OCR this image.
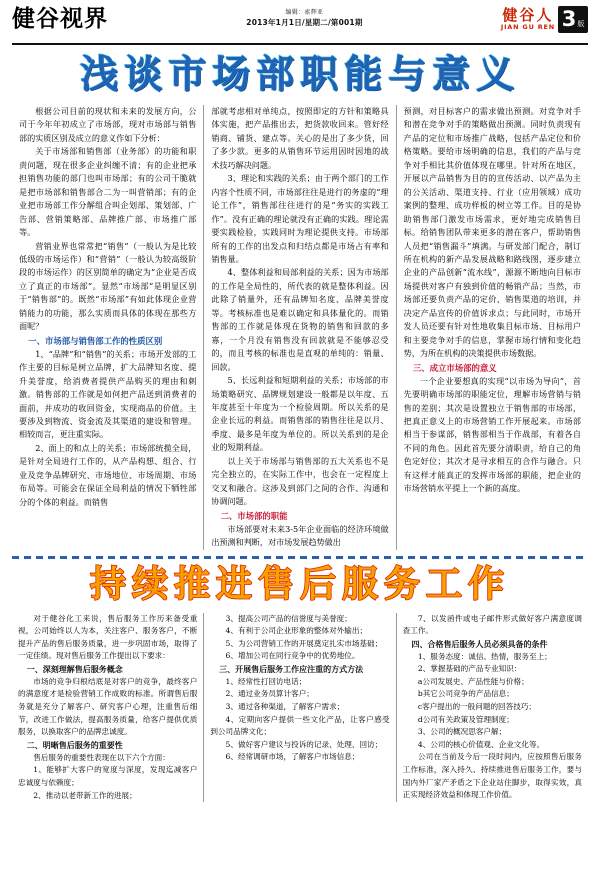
健谷视界	编辑：索辉亚
2013年1月1日/星期二/第001期	健谷人
JIAN GU REN 3 版
浅谈市场部职能与意义

根据公司目前的现状和未来的发展方向，公司于今年年初成立了市场部，现对市场部与销售部的实质区别及成立的意义作如下分析：

关于市场部和销售部（业务部）的功能和职责问题，现在很多企业纠缠不清；有的企业把承担销售功能的部门也叫市场部；有的公司干脆就是把市场部和销售部合二为一叫营销部；有的企业把市场部工作分解组合叫企划部、策划部、广告部、营销策略部、品牌推广部、市场推广部等。

营销业界也常常把“销售”（一般认为是比较低级的市场运作）和“营销”（一般认为较高级阶段的市场运作）的区别简单的确定为“企业是否成立了真正的市场部”。显然“市场部”是明显区别于“销售部”的。既然“市场部”有如此体现企业营销能力的功能，那么实质而具体的体现在那些方面呢？

一、市场部与销售部工作的性质区别

1、“品牌”和“销售”的关系；市场开发部的工作主要的目标是树立品牌，扩大品牌知名度、提升美誉度，给消费者提供产品购买的理由和刺激。销售部的工作就是如何把产品送到消费者的面前，并成功的收回资金，实现商品的价值。主要涉及到物流、资金流及其渠道的建设和管理。相较而言，更注重实际。

2、面上的和点上的关系；市场部统揽全局，是针对全局进行工作的，从产品构想、组合、行业及竞争品牌研究、市场地位、市场周期、市场布局等。可能会在保证全局利益的情况下牺牲部分的个体的利益。而销售

部就考虑相对单纯点，按照即定的方针和策略具体实施，把产品推出去，把货款收回来。管好经销商、铺货、建点等。关心的是出了多少货，回了多少款。更多的从销售环节运用因时因地的战术技巧解决问题。

3、理论和实践的关系；由于两个部门的工作内容个性质不同，市场部往往是进行的务虚的“理论工作”，销售部往往进行的是“务实的实践工作”。没有正确的理论就没有正确的实践。理论需要实践检验，实践同时为理论提供支持。市场部所有的工作的出发点和归结点都是市场占有率和销售量。

4、整体利益和局部利益的关系；因为市场部的工作是全局性的，所代表的就是整体利益。因此除了销量外，还有品牌知名度、品牌美誉度等。考核标准也是难以确定和具体量化的。而销售部的工作就是体现在货物的销售和回款的多寡，一个月没有销售没有回款就是不能够忍受的，而且考核的标准也是直观的单纯的：销量、回款。

5、长远利益和短期利益的关系；市场部的市场策略研究、品牌规划建设一般都是以年度、五年度甚至十年度为一个检验周期。所以关系的是企业长远的利益。而销售部的销售往往是以月、季度、最多是年度为单位的。所以关系到的是企业的短期利益。

以上关于市场部与销售部的五大关系也不是完全独立的，在实际工作中，也会在一定程度上交叉和融合。这涉及到部门之间的合作、沟通和协调问题。

二、市场部的职能

市场部要对未来3-5年企业面临的经济环境做出预测和判断，对市场发展趋势做出

预测，对目标客户的需求做出预测。对竞争对手和潜在竞争对手的策略做出预测。同时负责现有产品的定位和市场推广战略，包括产品定位和价格策略。要给市场明确的信息，我们的产品与竞争对手相比其价值体现在哪里。针对所在地区，开展以产品销售为目的的宣传活动、以产品为主的公关活动、渠道支持、行业（应用领域）成功案例的整理、成功样板的树立等工作。目的是协助销售部门激发市场需求，更好地完成销售目标。给销售团队带来更多的潜在客户，帮助销售人员把“销售漏斗”填满。与研发部门配合，制订所在机构的新产品发展战略和路线图，逐步建立企业的产品创新“流水线”，源源不断地向目标市场提供对客户有独到价值的畅销产品；当然，市场部还要负责产品的定价、销售渠道的培训，并决定产品宣传的价值诉求点；与此同时，市场开发人员还要有针对性地收集目标市场、目标用户和主要竞争对手的信息，掌握市场行情和变化趋势，为所在机构的决策提供市场数据。

三、成立市场部的意义

一个企业要想真的实现“以市场为导向”，首先要明确市场部的职能定位，理解市场营销与销售的差别；其次是设置独立于销售部的市场部，把真正意义上的市场营销工作开展起来。市场部相当于参谋部，销售部相当于作战部，有着各自不同的角色。因此首先要分清职责，给自己的角色定好位；其次才是寻求相互的合作与融合。只有这样才能真正的发挥市场部的职能，把企业的市场营销水平提上一个新的高度。

持续推进售后服务工作

对于健谷化工来说，售后服务工作历来备受重视，公司始终以人为本，关注客户、服务客户，不断提升产品的售后服务质量，进一步巩固市场，取得了一定佳绩。现对售后服务工作提出以下要求：

一、深刻理解售后服务概念

市场的竞争归根结底是对客户的竞争，最终客户的满意度才是检验营销工作成败的标准。所谓售后服务就是充分了解客户、研究客户心理，注重售后细节，改进工作做法，提高服务质量，给客户提供优质服务，以换取客户的品牌忠诚度。

二、明晰售后服务的重要性

售后服务的重要性表现在以下六个方面：

1、能够扩大客户的宽度与深度，发现迄减客户忠诚度与依赖度；

2、推动以老带新工作的进展；

3、提高公司产品的信誉度与美誉度；

4、有利于公司企业形象的整体对外输出；

5、为公司营销工作的开展奠定扎实市场基础；

6、增加公司在同行竞争中的优势地位。

三、开展售后服务工作应注重的方式方法

1、经常性打回访电话；

2、通过业务员算计客户；

3、通过各种渠道，了解客户需求；

4、定期向客户提供一些文化产品，让客户感受到公司品牌文化；

5、做好客户建议与投诉的记录、处理、回访；

6、经常调研市场，了解客户市场信息；

7、以发函件或电子邮件形式做好客户满意度调查工作。

四、合格售后服务人员必须具备的条件

1、服务态度：诚信、热情，服务至上；

2、掌握基础的产品专业知识：

a公司发展史、产品性能与价格；

b其它公司竞争的产品信息；

c客户提出的一般问题的回答技巧；

d公司有关政策及管理制度；

3、公司的概况思客户解；

4、公司的核心价值观、企业文化等。

公司在当前及今后一段时间内，应按照售后服务工作标准，深入持久、持续推进售后服务工作，要与国内外厂家产矛盾之下企业站住脚步，取得实效，真正实现经济效益和体现工作价值。
